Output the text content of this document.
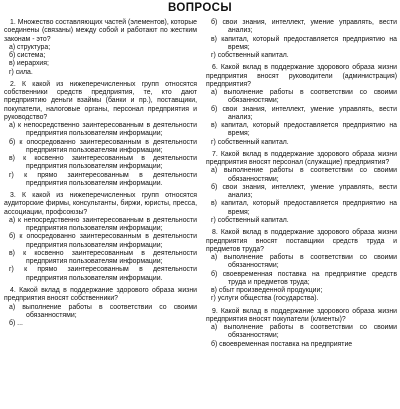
ВОПРОСЫ

1. Множество составляющих частей (элементов), которые соединены (связаны) между собой и работают по жестким законам - это?

а) структура;

б) система;

в) иерархия;

г) сила.

2. К какой из нижеперечисленных групп относятся собственники средств предприятия, те, кто дают предприятию деньги взаймы (банки и пр.), поставщики, покупатели, налоговые органы, персонал предприятия и руководство?

а) к непосредственно заинтересованным в деятельности предприятия пользователям информации;

б) к опосредованно заинтересованным в деятельности предприятия пользователям информации;

в) к косвенно заинтересованным в деятельности предприятия пользователям информации;

г) к прямо заинтересованным в деятельности предприятия пользователям информации.

3. К какой из нижеперечисленных групп относятся аудиторские фирмы, консультанты, биржи, юристы, пресса, ассоциации, профсоюзы?

а) к непосредственно заинтересованным в деятельности предприятия пользователям информации;

б) к опосредованно заинтересованным в деятельности предприятия пользователям информации;

в) к косвенно заинтересованным в деятельности предприятия пользователям информации;

г) к прямо заинтересованным в деятельности предприятия пользователям информации.

4. Какой вклад в поддержание здорового образа жизни предприятия вносят собственники?

а) выполнение работы в соответствии со своими обязанностями;

б) ...

б) свои знания, интеллект, умение управлять, вести анализ;

в) капитал, который предоставляется предприятию на время;

г) собственный капитал.

6. Какой вклад в поддержание здорового образа жизни предприятия вносят руководители (администрация) предприятия?

а) выполнение работы в соответствии со своими обязанностями;

б) свои знания, интеллект, умение управлять, вести анализ;

в) капитал, который предоставляется предприятию на время;

г) собственный капитал.

7. Какой вклад в поддержание здорового образа жизни предприятия вносят персонал (служащие) предприятия?

а) выполнение работы в соответствии со своими обязанностями;

б) свои знания, интеллект, умение управлять, вести анализ;

в) капитал, который предоставляется предприятию на время;

г) собственный капитал.

8. Какой вклад в поддержание здорового образа жизни предприятия вносят поставщики средств труда и предметов труда?

а) выполнение работы в соответствии со своими обязанностями;

б) своевременная поставка на предприятие средств труда и предметов труда;

в) сбыт произведенной продукции;

г) услуги общества (государства).

9. Какой вклад в поддержание здорового образа жизни предприятия вносят покупатели (клиенты)?

а) выполнение работы в соответствии со своими обязанностями;

б) своевременная поставка на предприятие
